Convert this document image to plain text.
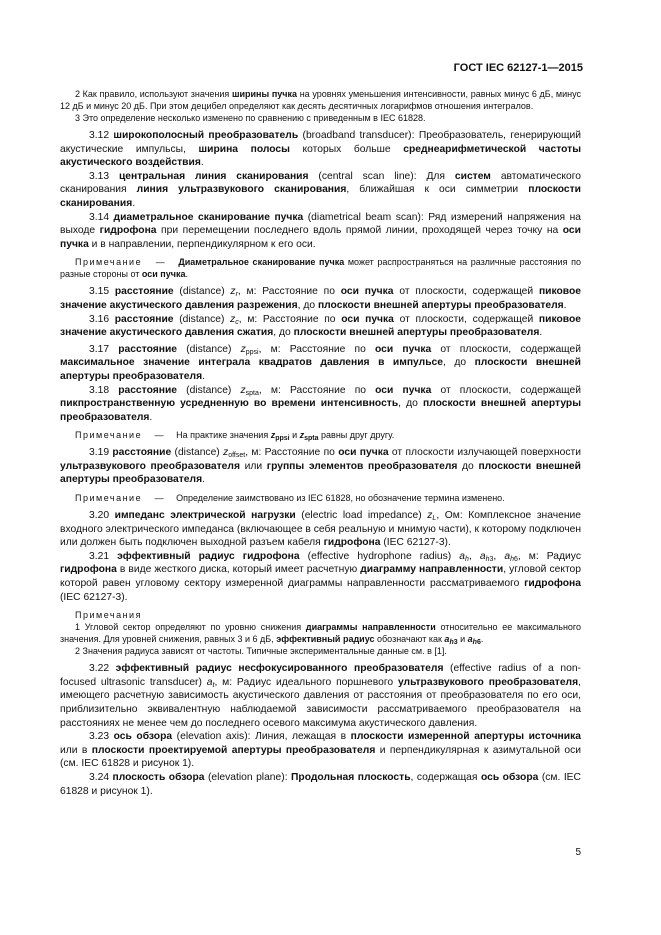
ГОСТ IEC 62127-1—2015
2 Как правило, используют значения ширины пучка на уровнях уменьшения интенсивности, равных минус 6 дБ, минус 12 дБ и минус 20 дБ. При этом децибел определяют как десять десятичных логарифмов отношения интегралов.
3 Это определение несколько изменено по сравнению с приведенным в IEC 61828.
3.12 широкополосный преобразователь (broadband transducer): Преобразователь, генерирующий акустические импульсы, ширина полосы которых больше среднеарифметической частоты акустического воздействия.
3.13 центральная линия сканирования (central scan line): Для систем автоматического сканирования линия ультразвукового сканирования, ближайшая к оси симметрии плоскости сканирования.
3.14 диаметральное сканирование пучка (diametrical beam scan): Ряд измерений напряжения на выходе гидрофона при перемещении последнего вдоль прямой линии, проходящей через точку на оси пучка и в направлении, перпендикулярном к его оси.
Примечание — Диаметральное сканирование пучка может распространяться на различные расстояния по разные стороны от оси пучка.
3.15 расстояние (distance) $z_r$, м: Расстояние по оси пучка от плоскости, содержащей пиковое значение акустического давления разрежения, до плоскости внешней апертуры преобразователя.
3.16 расстояние (distance) $z_c$, м: Расстояние по оси пучка от плоскости, содержащей пиковое значение акустического давления сжатия, до плоскости внешней апертуры преобразователя.
3.17 расстояние (distance) $z_{ppsi}$, м: Расстояние по оси пучка от плоскости, содержащей максимальное значение интеграла квадратов давления в импульсе, до плоскости внешней апертуры преобразователя.
3.18 расстояние (distance) $z_{spta}$, м: Расстояние по оси пучка от плоскости, содержащей пикпространственную усредненную во времени интенсивность, до плоскости внешней апертуры преобразователя.
Примечание — На практике значения $z_{ppsi}$ и $z_{spta}$ равны друг другу.
3.19 расстояние (distance) $z_{offset}$, м: Расстояние по оси пучка от плоскости излучающей поверхности ультразвукового преобразователя или группы элементов преобразователя до плоскости внешней апертуры преобразователя.
Примечание — Определение заимствовано из IEC 61828, но обозначение термина изменено.
3.20 импеданс электрической нагрузки (electric load impedance) $z_L$, Ом: Комплексное значение входного электрического импеданса (включающее в себя реальную и мнимую части), к которому подключен или должен быть подключен выходной разъем кабеля гидрофона (IEC 62127-3).
3.21 эффективный радиус гидрофона (effective hydrophone radius) $a_h$, $a_{h3}$, $a_{h6}$, м: Радиус гидрофона в виде жесткого диска, который имеет расчетную диаграмму направленности, угловой сектор которой равен угловому сектору измеренной диаграммы направленности рассматриваемого гидрофона (IEC 62127-3).
Примечания
1 Угловой сектор определяют по уровню снижения диаграммы направленности относительно ее максимального значения. Для уровней снижения, равных 3 и 6 дБ, эффективный радиус обозначают как $a_{h3}$ и $a_{h6}$.
2 Значения радиуса зависят от частоты. Типичные экспериментальные данные см. в [1].
3.22 эффективный радиус несфокусированного преобразователя (effective radius of a non-focused ultrasonic transducer) $a_t$, м: Радиус идеального поршневого ультразвукового преобразователя, имеющего расчетную зависимость акустического давления от расстояния от преобразователя по его оси, приблизительно эквивалентную наблюдаемой зависимости рассматриваемого преобразователя на расстояниях не менее чем до последнего осевого максимума акустического давления.
3.23 ось обзора (elevation axis): Линия, лежащая в плоскости измеренной апертуры источника или в плоскости проектируемой апертуры преобразователя и перпендикулярная к азимутальной оси (см. IEC 61828 и рисунок 1).
3.24 плоскость обзора (elevation plane): Продольная плоскость, содержащая ось обзора (см. IEC 61828 и рисунок 1).
5
